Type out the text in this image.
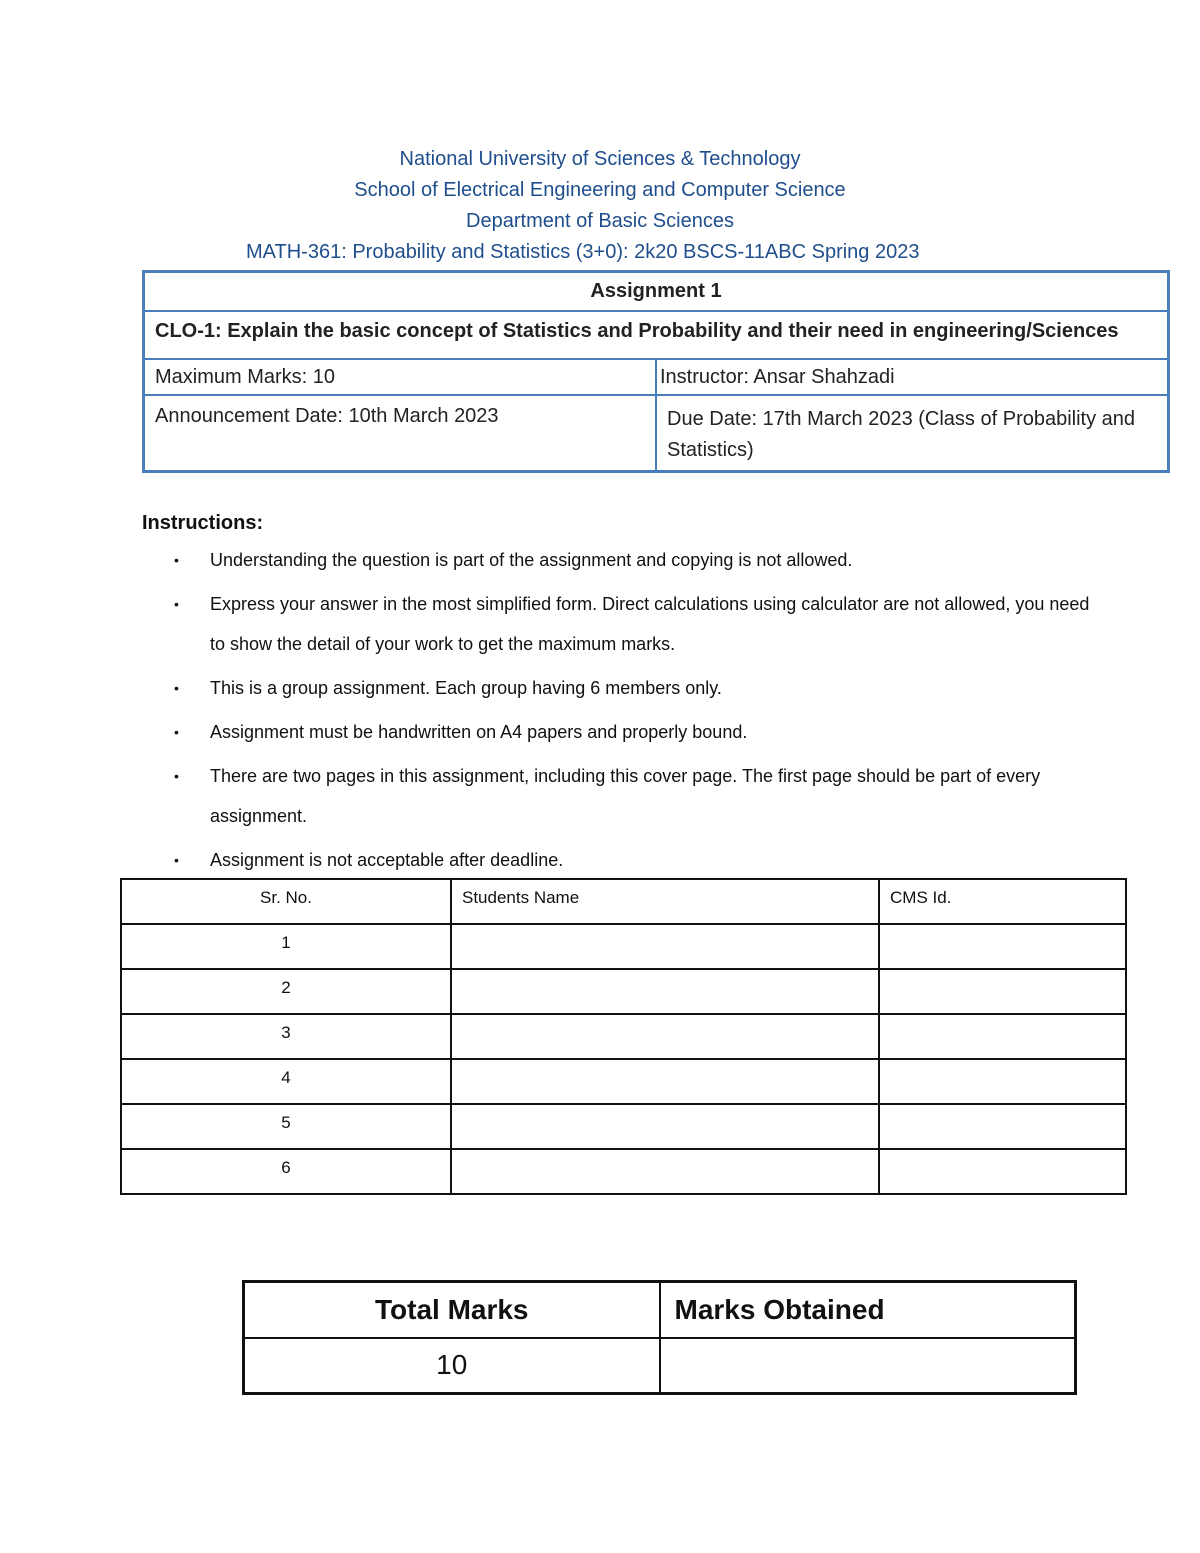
National University of Sciences & Technology
School of Electrical Engineering and Computer Science
Department of Basic Sciences
MATH-361: Probability and Statistics (3+0): 2k20 BSCS-11ABC Spring 2023
Assignment 1	
CLO-1: Explain the basic concept of Statistics and Probability and their need in engineering/Sciences	
Maximum Marks: 10	Instructor: Ansar Shahzadi
Announcement Date: 10th March 2023	Due Date: 17th March 2023 (Class of Probability and Statistics)
Instructions:
• Understanding the question is part of the assignment and copying is not allowed.
• Express your answer in the most simplified form. Direct calculations using calculator are not allowed, you need to show the detail of your work to get the maximum marks.
• This is a group assignment. Each group having 6 members only.
• Assignment must be handwritten on A4 papers and properly bound.
• There are two pages in this assignment, including this cover page. The first page should be part of every assignment.
• Assignment is not acceptable after deadline.
Sr. No.	Students Name	CMS Id.
1		
2		
3		
4		
5		
6		
Total Marks	Marks Obtained
10	
